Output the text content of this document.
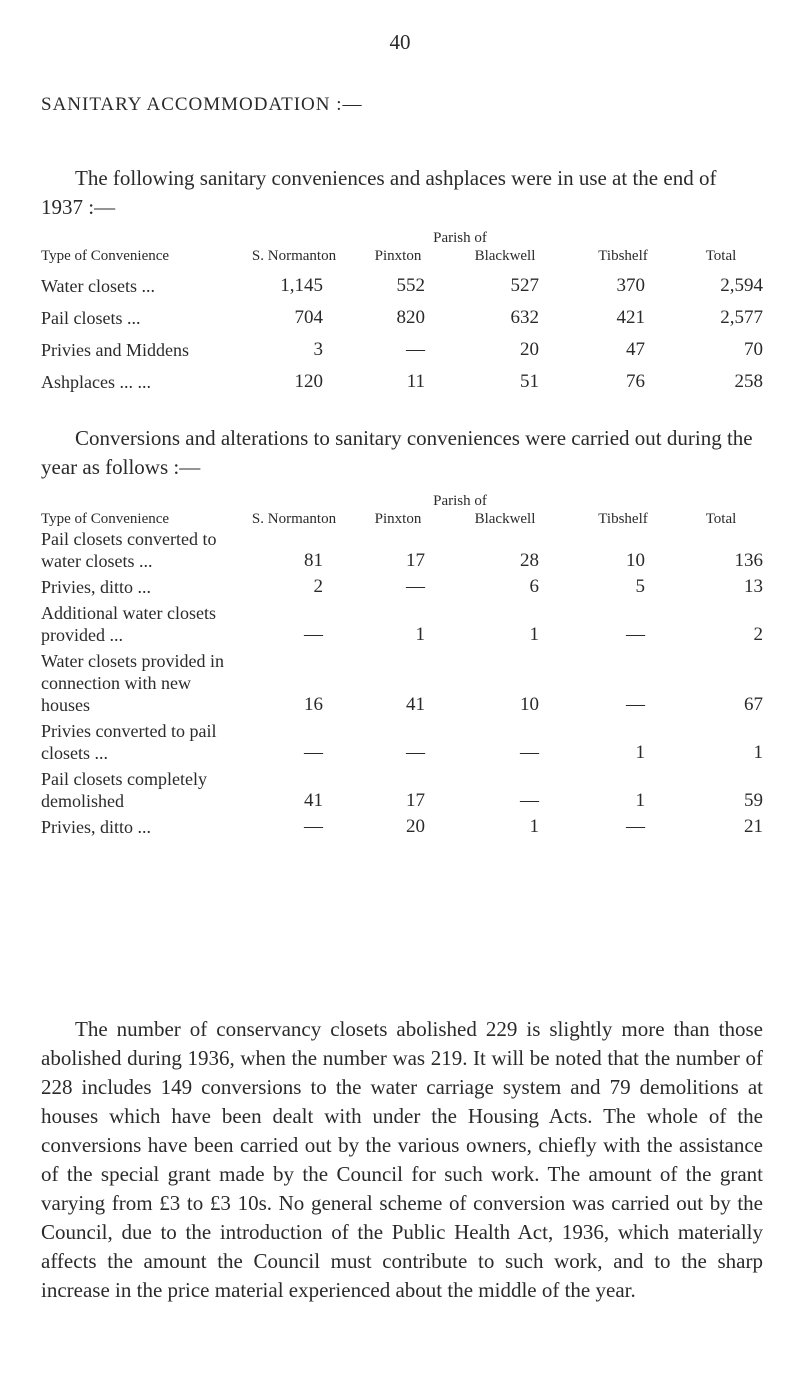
40
SANITARY ACCOMMODATION :—

The following sanitary conveniences and ashplaces were in use at the end of 1937 :—

		Parish of			
Type of Convenience	S. Normanton	Pinxton	Blackwell	Tibshelf	Total
Water closets ...	1,145	552	527	370	2,594
Pail closets ...	704	820	632	421	2,577
Privies and Middens	3	—	20	47	70
Ashplaces ... ...	120	11	51	76	258

Conversions and alterations to sanitary conveniences were carried out during the year as follows :—

		Parish of			
Type of Convenience	S. Normanton	Pinxton	Blackwell	Tibshelf	Total
Pail closets converted to water closets ...	81	17	28	10	136
Privies, ditto ...	2	—	6	5	13
Additional water closets provided ...	—	1	1	—	2
Water closets provided in connection with new houses	16	41	10	—	67
Privies converted to pail closets ...	—	—	—	1	1
Pail closets completely demolished	41	17	—	1	59
Privies, ditto ...	—	20	1	—	21

The number of conservancy closets abolished 229 is slightly more than those abolished during 1936, when the number was 219. It will be noted that the number of 228 includes 149 conversions to the water carriage system and 79 demolitions at houses which have been dealt with under the Housing Acts. The whole of the conversions have been carried out by the various owners, chiefly with the assistance of the special grant made by the Council for such work. The amount of the grant varying from £3 to £3 10s. No general scheme of conversion was carried out by the Council, due to the introduction of the Public Health Act, 1936, which materially affects the amount the Council must contribute to such work, and to the sharp increase in the price material experienced about the middle of the year.
